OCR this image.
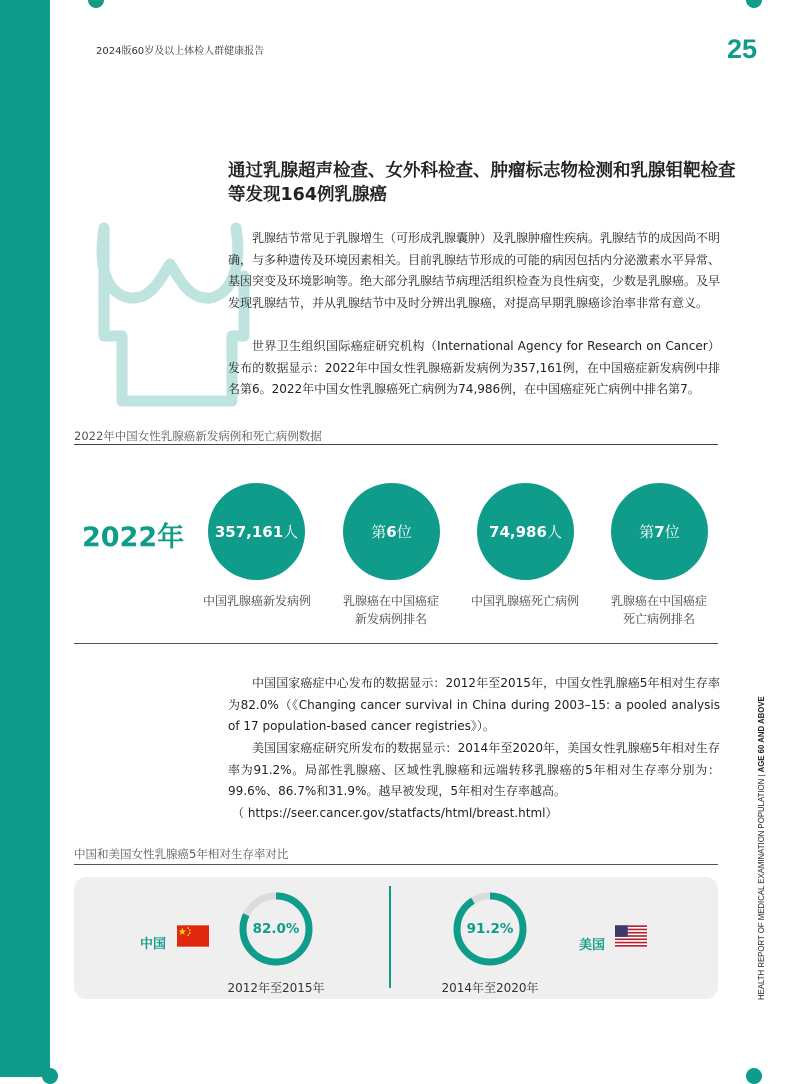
2024版60岁及以上体检人群健康报告	25
通过乳腺超声检查、女外科检查、肿瘤标志物检测和乳腺钼靶检查等发现164例乳腺癌

乳腺结节常见于乳腺增生（可形成乳腺囊肿）及乳腺肿瘤性疾病。乳腺结节的成因尚不明确，与多种遗传及环境因素相关。目前乳腺结节形成的可能的病因包括内分泌激素水平异常、基因突变及环境影响等。绝大部分乳腺结节病理活组织检查为良性病变，少数是乳腺癌。及早发现乳腺结节，并从乳腺结节中及时分辨出乳腺癌，对提高早期乳腺癌诊治率非常有意义。

世界卫生组织国际癌症研究机构（International Agency for Research on Cancer）发布的数据显示：2022年中国女性乳腺癌新发病例为357,161例，在中国癌症新发病例中排名第6。2022年中国女性乳腺癌死亡病例为74,986例，在中国癌症死亡病例中排名第7。

2022年中国女性乳腺癌新发病例和死亡病例数据
2022年 357,161 人	第 6 位	74,986 人	第 7 位
中国乳腺癌新发病例	乳腺癌在中国癌症
新发病例排名
中国乳腺癌死亡病例	乳腺癌在中国癌症
死亡病例排名

中国国家癌症中心发布的数据显示：2012年至2015年，中国女性乳腺癌5年相对生存率为82.0%（《Changing cancer survival in China during 2003–15: a pooled analysis of 17 population-based cancer registries》）。

美国国家癌症研究所发布的数据显示：2014年至2020年，美国女性乳腺癌5年相对生存率为91.2%。局部性乳腺癌、区域性乳腺癌和远端转移乳腺癌的5年相对生存率分别为：99.6%、86.7%和31.9%。越早被发现，5年相对生存率越高。

（ https://seer.cancer.gov/statfacts/html/breast.html）

中国和美国女性乳腺癌5年相对生存率对比
中国
82.0%
2012年至2015年
91.2%
2014年至2020年
美国	HEALTH REPORT OF MEDICAL EXAMINATION POPULATION | AGE 60 AND ABOVE
